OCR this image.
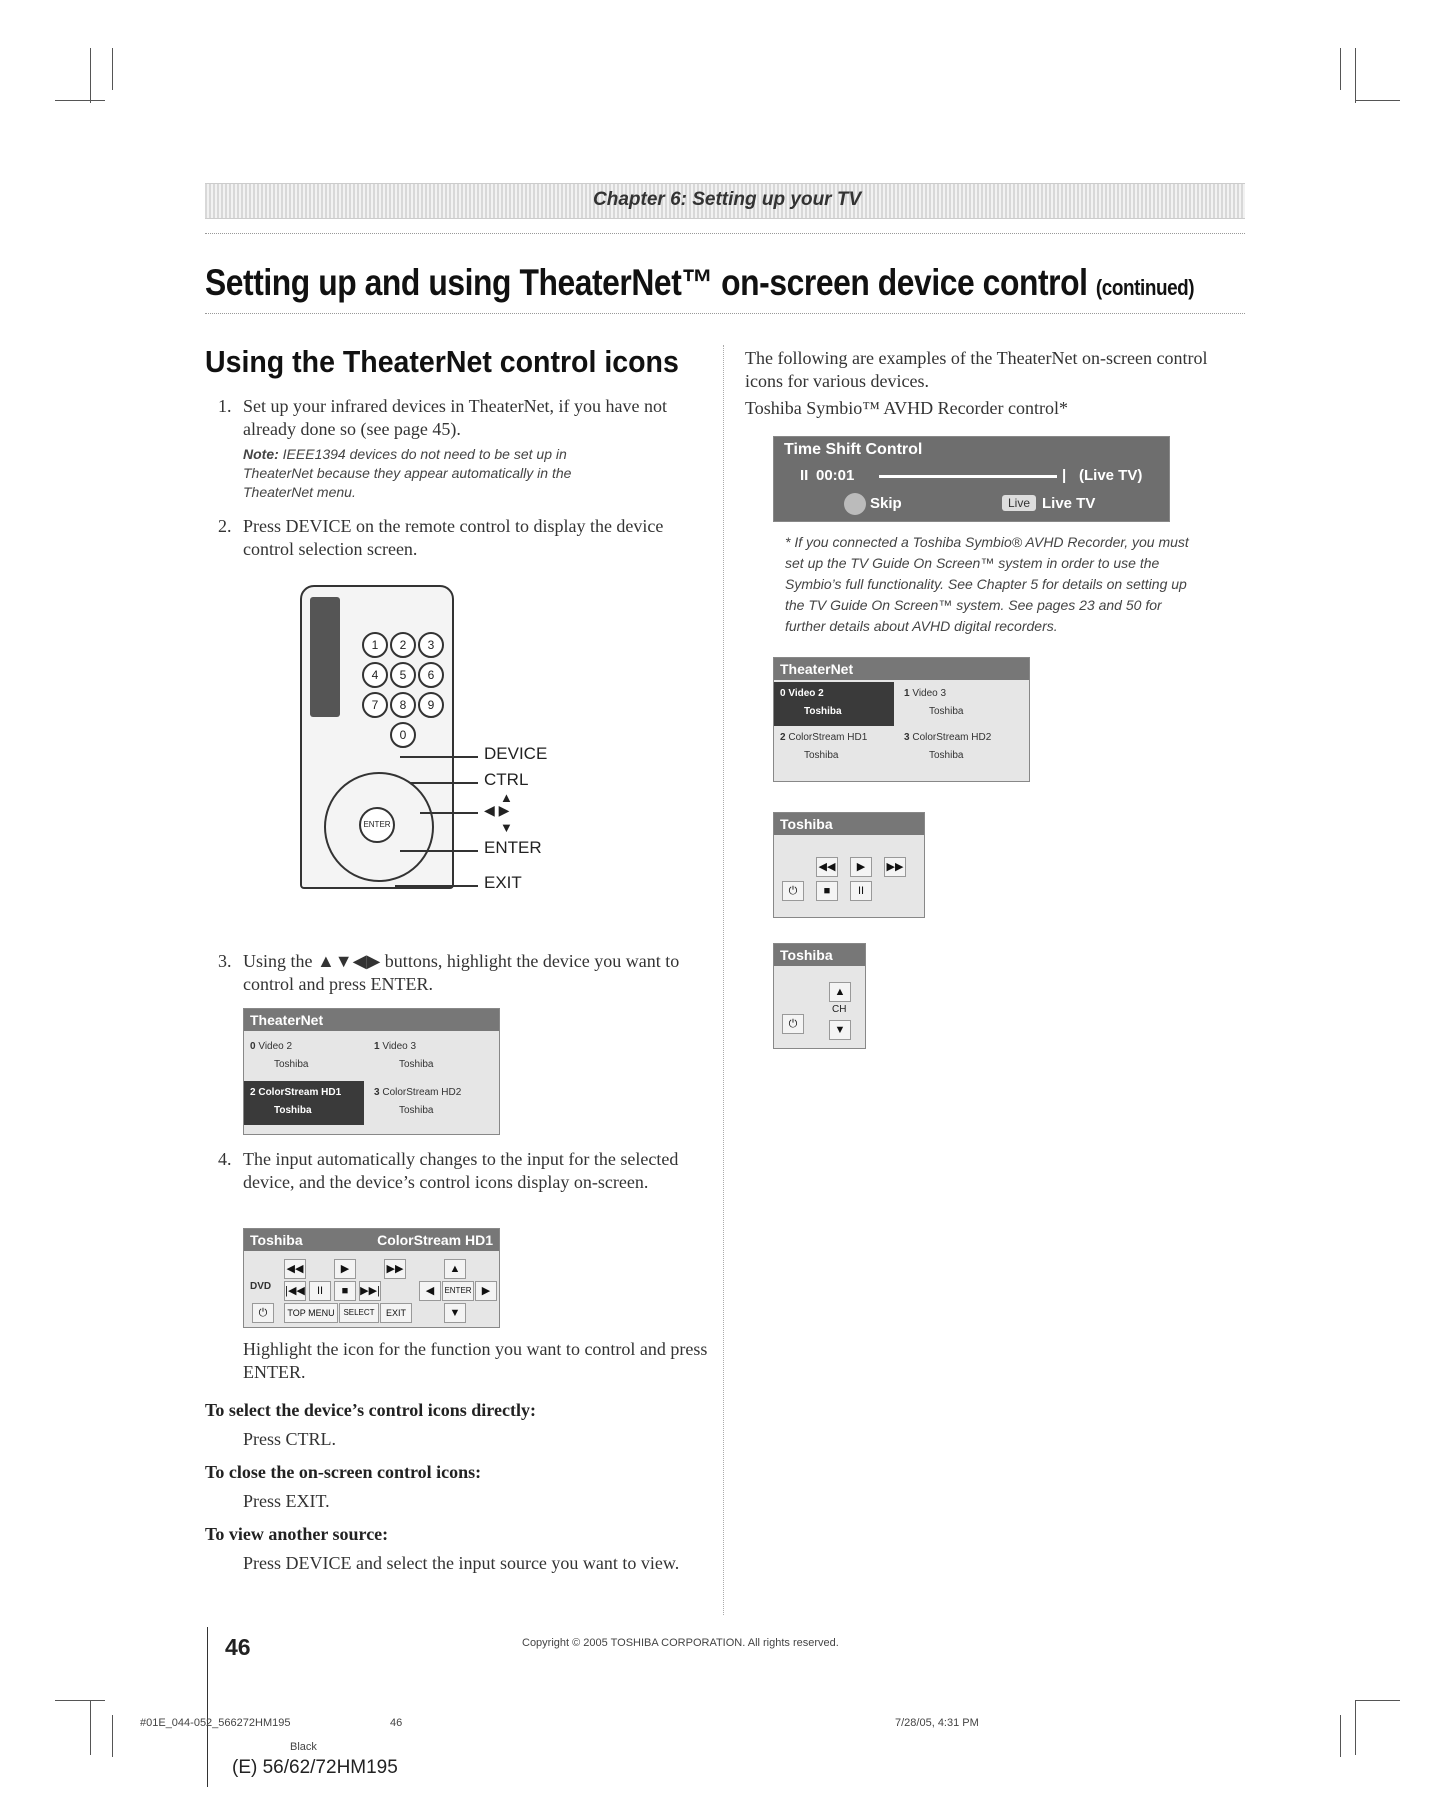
Chapter 6: Setting up your TV
Setting up and using TheaterNet™ on-screen device control (continued)
Using the TheaterNet control icons
1. Set up your infrared devices in TheaterNet, if you have not already done so (see page 45).
Note: IEEE1394 devices do not need to be set up in TheaterNet because they appear automatically in the TheaterNet menu.
2. Press DEVICE on the remote control to display the device control selection screen.
1	2	3
4	5	6
7	8	9
0
ENTER
DEVICE
CTRL
▲
◀ ▶
▼
ENTER
EXIT
3. Using the ▲▼◀▶ buttons, highlight the device you want to control and press ENTER.
TheaterNet
0 Video 2
Toshiba
1 Video 3
Toshiba
2 ColorStream HD1
Toshiba
3 ColorStream HD2
Toshiba
4. The input automatically changes to the input for the selected device, and the device’s control icons display on-screen.
Toshiba	ColorStream HD1
DVD
◀◀	▶	▶▶	▲
|◀◀	II	■	▶▶|	◀	ENTER ▶
⏻	TOP MENU	SELECT	EXIT	▼
Highlight the icon for the function you want to control and press ENTER.
To select the device’s control icons directly:
Press CTRL.
To close the on-screen control icons:
Press EXIT.
To view another source:
Press DEVICE and select the input source you want to view.
The following are examples of the TheaterNet on-screen control icons for various devices.
Toshiba Symbio™ AVHD Recorder control*
Time Shift Control
II 00:01	| (Live TV)
Skip	Live Live TV
* If you connected a Toshiba Symbio® AVHD Recorder, you must set up the TV Guide On Screen™ system in order to use the Symbio’s full functionality. See Chapter 5 for details on setting up the TV Guide On Screen™ system. See pages 23 and 50 for further details about AVHD digital recorders.
TheaterNet
0 Video 2
Toshiba
1 Video 3
Toshiba
2 ColorStream HD1
Toshiba
3 ColorStream HD2
Toshiba
Toshiba
◀◀	▶	▶▶
⏻	■	II
Toshiba
▲
CH
⏻	▼
46	Copyright © 2005 TOSHIBA CORPORATION. All rights reserved.
#01E_044-052_566272HM195	46	7/28/05, 4:31 PM
Black
(E) 56/62/72HM195
